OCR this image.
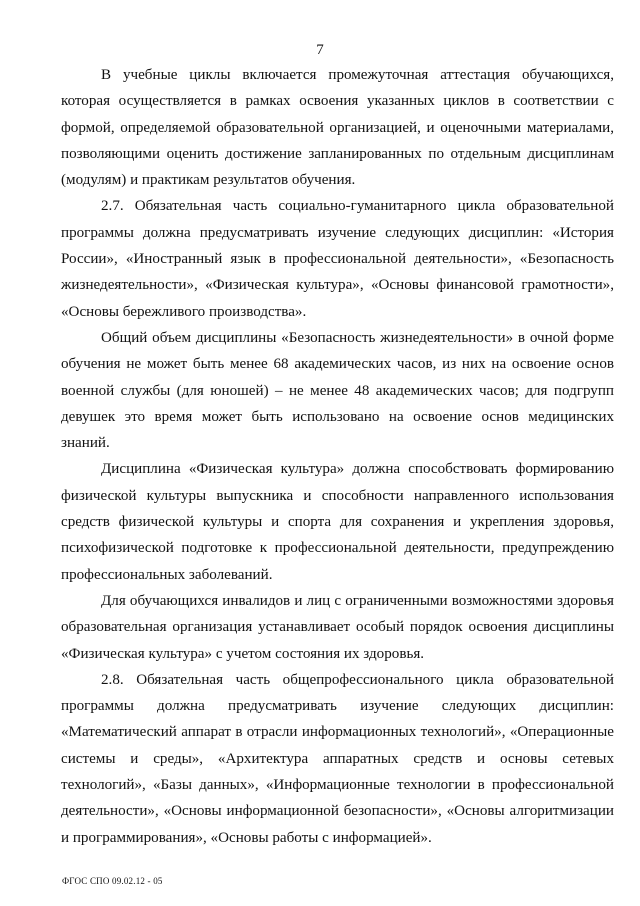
7

В учебные циклы включается промежуточная аттестация обучающихся, которая осуществляется в рамках освоения указанных циклов в соответствии с формой, определяемой образовательной организацией, и оценочными материалами, позволяющими оценить достижение запланированных по отдельным дисциплинам (модулям) и практикам результатов обучения.

2.7. Обязательная часть социально-гуманитарного цикла образовательной программы должна предусматривать изучение следующих дисциплин: «История России», «Иностранный язык в профессиональной деятельности», «Безопасность жизнедеятельности», «Физическая культура», «Основы финансовой грамотности», «Основы бережливого производства».

Общий объем дисциплины «Безопасность жизнедеятельности» в очной форме обучения не может быть менее 68 академических часов, из них на освоение основ военной службы (для юношей) – не менее 48 академических часов; для подгрупп девушек это время может быть использовано на освоение основ медицинских знаний.

Дисциплина «Физическая культура» должна способствовать формированию физической культуры выпускника и способности направленного использования средств физической культуры и спорта для сохранения и укрепления здоровья, психофизической подготовке к профессиональной деятельности, предупреждению профессиональных заболеваний.

Для обучающихся инвалидов и лиц с ограниченными возможностями здоровья образовательная организация устанавливает особый порядок освоения дисциплины «Физическая культура» с учетом состояния их здоровья.

2.8. Обязательная часть общепрофессионального цикла образовательной программы должна предусматривать изучение следующих дисциплин: «Математический аппарат в отрасли информационных технологий», «Операционные системы и среды», «Архитектура аппаратных средств и основы сетевых технологий», «Базы данных», «Информационные технологии в профессиональной деятельности», «Основы информационной безопасности», «Основы алгоритмизации и программирования», «Основы работы с информацией».

ФГОС СПО 09.02.12 - 05
